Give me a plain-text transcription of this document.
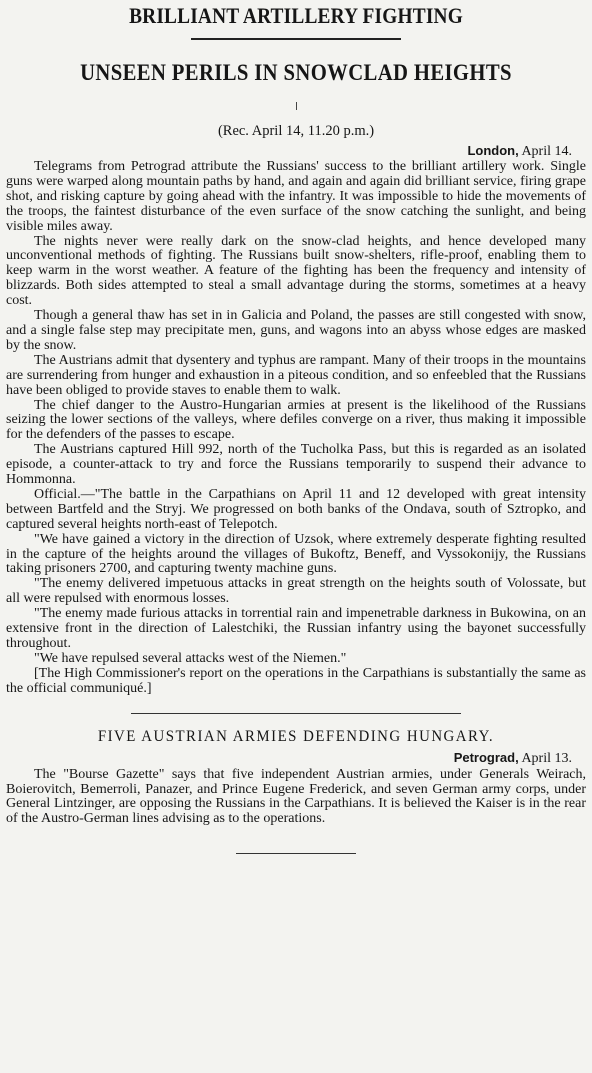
BRILLIANT ARTILLERY FIGHTING
UNSEEN PERILS IN SNOWCLAD HEIGHTS
(Rec. April 14, 11.20 p.m.)
London, April 14.

Telegrams from Petrograd attribute the Russians' success to the brilliant artillery work. Single guns were warped along mountain paths by hand, and again and again did brilliant service, firing grape shot, and risking capture by going ahead with the infantry. It was impossible to hide the movements of the troops, the faintest disturbance of the even surface of the snow catching the sunlight, and being visible miles away.

The nights never were really dark on the snow-clad heights, and hence developed many unconventional methods of fighting. The Russians built snow-shelters, rifle-proof, enabling them to keep warm in the worst weather. A feature of the fighting has been the frequency and intensity of blizzards. Both sides attempted to steal a small advantage during the storms, sometimes at a heavy cost.

Though a general thaw has set in in Galicia and Poland, the passes are still congested with snow, and a single false step may precipitate men, guns, and wagons into an abyss whose edges are masked by the snow.

The Austrians admit that dysentery and typhus are rampant. Many of their troops in the mountains are surrendering from hunger and exhaustion in a piteous condition, and so enfeebled that the Russians have been obliged to provide staves to enable them to walk.

The chief danger to the Austro-Hungarian armies at present is the likelihood of the Russians seizing the lower sections of the valleys, where defiles converge on a river, thus making it impossible for the defenders of the passes to escape.

The Austrians captured Hill 992, north of the Tucholka Pass, but this is regarded as an isolated episode, a counter-attack to try and force the Russians temporarily to suspend their advance to Hommonna.

Official.—"The battle in the Carpathians on April 11 and 12 developed with great intensity between Bartfeld and the Stryj. We progressed on both banks of the Ondava, south of Sztropko, and captured several heights north-east of Telepotch.

"We have gained a victory in the direction of Uzsok, where extremely desperate fighting resulted in the capture of the heights around the villages of Bukoftz, Beneff, and Vyssokonijy, the Russians taking prisoners 2700, and capturing twenty machine guns.

"The enemy delivered impetuous attacks in great strength on the heights south of Volossate, but all were repulsed with enormous losses.

"The enemy made furious attacks in torrential rain and impenetrable darkness in Bukowina, on an extensive front in the direction of Lalestchiki, the Russian infantry using the bayonet successfully throughout.

"We have repulsed several attacks west of the Niemen."

[The High Commissioner's report on the operations in the Carpathians is substantially the same as the official communiqué.]

FIVE AUSTRIAN ARMIES DEFENDING HUNGARY.
Petrograd, April 13.

The "Bourse Gazette" says that five independent Austrian armies, under Generals Weirach, Boierovitch, Bemerroli, Panazer, and Prince Eugene Frederick, and seven German army corps, under General Lintzinger, are opposing the Russians in the Carpathians. It is believed the Kaiser is in the rear of the Austro-German lines advising as to the operations.
